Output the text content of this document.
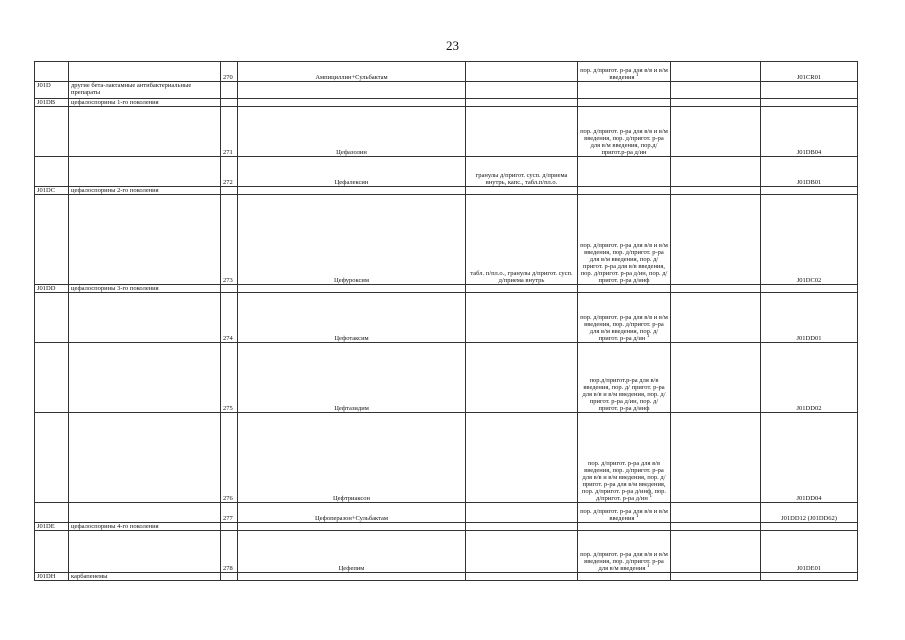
23
		270	Ампициллин+Сульбактам		пор. д/пригот. р-ра для в/в и в/м введения $^1$		J01CR01
J01D	другие бета-лактамные антибактериальные препараты						
J01DB	цефалоспорины 1-го поколения						
		271	Цефазолин		пор. д/пригот. р-ра для в/в и в/м введения, пор. д/пригот. р-ра для в/м введения, пор.д/пригот.р-ра д/ин		J01DB04
		272	Цефалексин	гранулы д/пригот. сусп. д/приема внутрь, капс., табл.п/пл.о.			J01DB01
J01DC	цефалоспорины 2-го поколения						
		273	Цефуроксим	табл. п/пл.о., гранулы д/пригот. сусп. д/приема внутрь	пор. д/пригот. р-ра для в/в и в/м введения, пор. д/пригот. р-ра для в/м введения, пор. д/пригот. р-ра для в/в введения, пор. д/пригот. р-ра д/ин, пор. д/пригот. р-ра д/инф		J01DC02
J01DD	цефалоспорины 3-го поколения						
		274	Цефотаксим		пор. д/пригот. р-ра для в/в и в/м введения, пор. д/пригот. р-ра для в/м введения, пор. д/пригот. р-ра д/ин $^1$		J01DD01
		275	Цефтазидим		пор.д/пригот.р-ра для в/в введения, пор. д/ пригот. р-ра для в/в и в/м введения, пор. д/пригот. р-ра д/ин, пор. д/пригот. р-ра д/инф		J01DD02
		276	Цефтриаксон		пор. д/пригот. р-ра для в/в введения, пор. д/пригот. р-ра для в/в и в/м введения, пор. д/пригот. р-ра для в/м введения, пор. д/пригот. р-ра д/инф, пор. д/пригот. р-ра д/ин $^1$		J01DD04
		277	Цефоперазон+Сульбактам		пор. д/пригот. р-ра для в/в и в/м введения $^1$		J01DD12 (J01DD62)
J01DE	цефалоспорины 4-го поколения						
		278	Цефепим		пор. д/пригот. р-ра для в/в и в/м введения, пор. д/пригот. р-ра для в/м введения $^1$		J01DE01
J01DH	карбапенемы						
